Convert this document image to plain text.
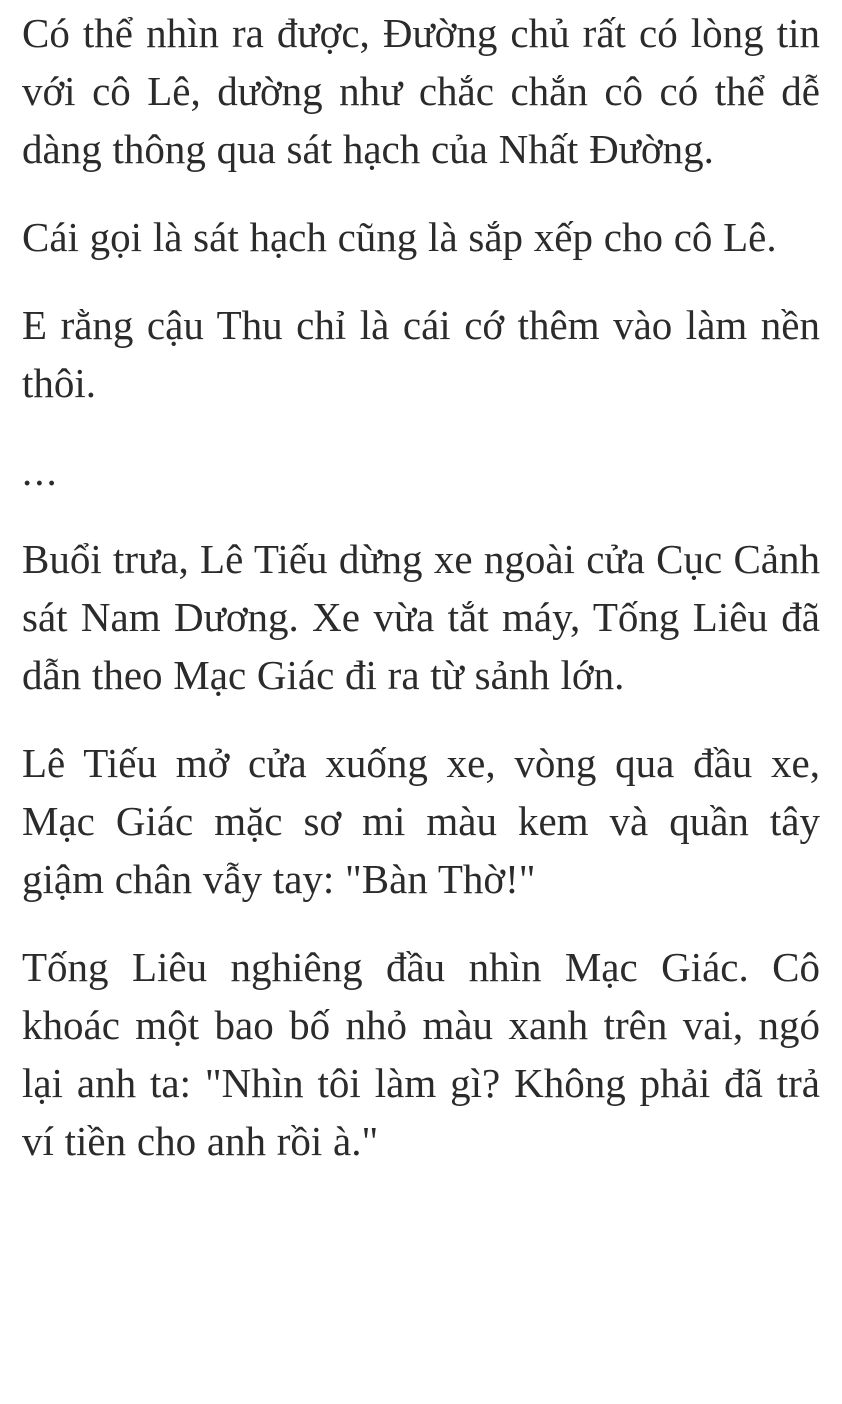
Có thể nhìn ra được, Đường chủ rất có lòng tin với cô Lê, dường như chắc chắn cô có thể dễ dàng thông qua sát hạch của Nhất Đường.

Cái gọi là sát hạch cũng là sắp xếp cho cô Lê.

E rằng cậu Thu chỉ là cái cớ thêm vào làm nền thôi.

...

Buổi trưa, Lê Tiếu dừng xe ngoài cửa Cục Cảnh sát Nam Dương. Xe vừa tắt máy, Tống Liêu đã dẫn theo Mạc Giác đi ra từ sảnh lớn.

Lê Tiếu mở cửa xuống xe, vòng qua đầu xe, Mạc Giác mặc sơ mi màu kem và quần tây giậm chân vẫy tay: "Bàn Thờ!"

Tống Liêu nghiêng đầu nhìn Mạc Giác. Cô khoác một bao bố nhỏ màu xanh trên vai, ngó lại anh ta: "Nhìn tôi làm gì? Không phải đã trả ví tiền cho anh rồi à."
